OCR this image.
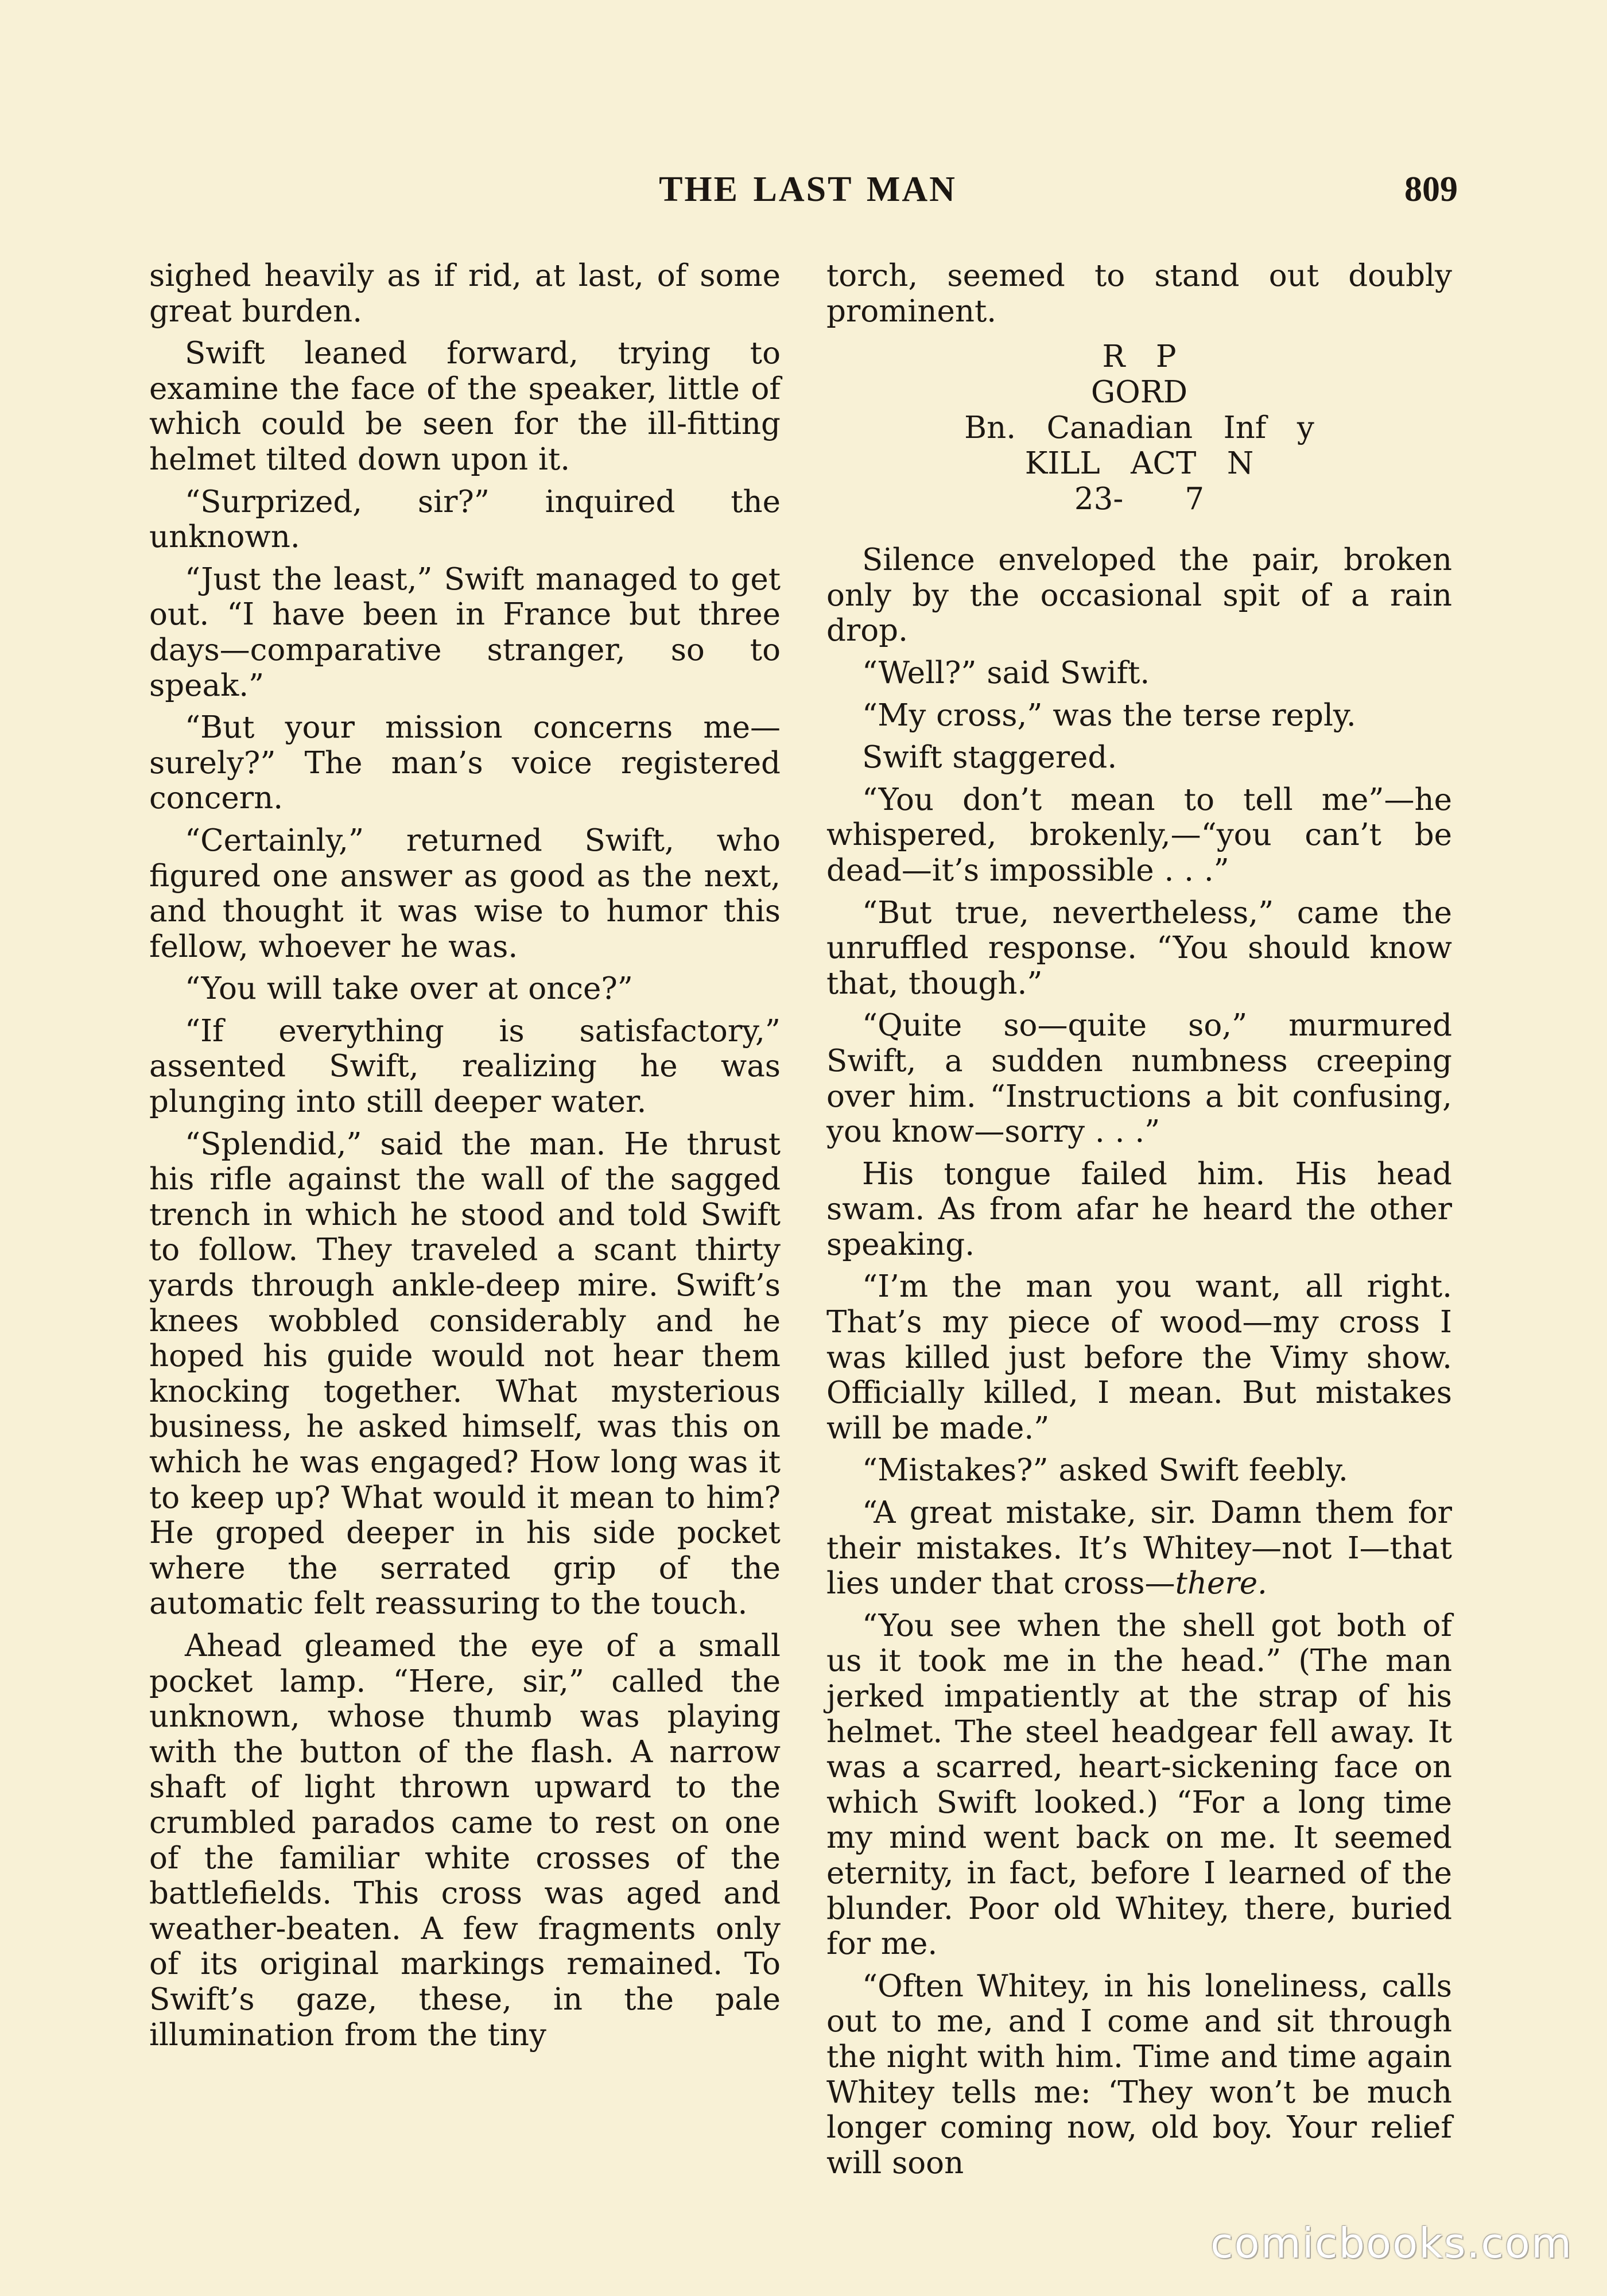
THE LAST MAN	809

sighed heavily as if rid, at last, of some great burden.

Swift leaned forward, trying to examine the face of the speaker, little of which could be seen for the ill-fitting helmet tilted down upon it.

“Surprized, sir?” inquired the unknown.

“Just the least,” Swift managed to get out. “I have been in France but three days—comparative stranger, so to speak.”

“But your mission concerns me—surely?” The man’s voice registered concern.

“Certainly,” returned Swift, who figured one answer as good as the next, and thought it was wise to humor this fellow, whoever he was.

“You will take over at once?”

“If everything is satisfactory,” assented Swift, realizing he was plunging into still deeper water.

“Splendid,” said the man. He thrust his rifle against the wall of the sagged trench in which he stood and told Swift to follow. They traveled a scant thirty yards through ankle-deep mire. Swift’s knees wobbled considerably and he hoped his guide would not hear them knocking together. What mysterious business, he asked himself, was this on which he was engaged? How long was it to keep up? What would it mean to him? He groped deeper in his side pocket where the serrated grip of the automatic felt reassuring to the touch.

Ahead gleamed the eye of a small pocket lamp. “Here, sir,” called the unknown, whose thumb was playing with the button of the flash. A narrow shaft of light thrown upward to the crumbled parados came to rest on one of the familiar white crosses of the battlefields. This cross was aged and weather-beaten. A few fragments only of its original markings remained. To Swift’s gaze, these, in the pale illumination from the tiny

torch, seemed to stand out doubly prominent.

R   P
GORD
Bn.   Canadian   Inf   y
KILL   ACT   N
23-      7

Silence enveloped the pair, broken only by the occasional spit of a rain drop.

“Well?” said Swift.

“My cross,” was the terse reply.

Swift staggered.

“You don’t mean to tell me”—he whispered, brokenly,—“you can’t be dead—it’s impossible . . .”

“But true, nevertheless,” came the unruffled response. “You should know that, though.”

“Quite so—quite so,” murmured Swift, a sudden numbness creeping over him. “Instructions a bit confusing, you know—sorry . . .”

His tongue failed him. His head swam. As from afar he heard the other speaking.

“I’m the man you want, all right. That’s my piece of wood—my cross I was killed just before the Vimy show. Officially killed, I mean. But mistakes will be made.”

“Mistakes?” asked Swift feebly.

“A great mistake, sir. Damn them for their mistakes. It’s Whitey—not I—that lies under that cross—there.

“You see when the shell got both of us it took me in the head.” (The man jerked impatiently at the strap of his helmet. The steel headgear fell away. It was a scarred, heart-sickening face on which Swift looked.) “For a long time my mind went back on me. It seemed eternity, in fact, before I learned of the blunder. Poor old Whitey, there, buried for me.

“Often Whitey, in his loneliness, calls out to me, and I come and sit through the night with him. Time and time again Whitey tells me: ‘They won’t be much longer coming now, old boy. Your relief will soon

comicbooks.com
